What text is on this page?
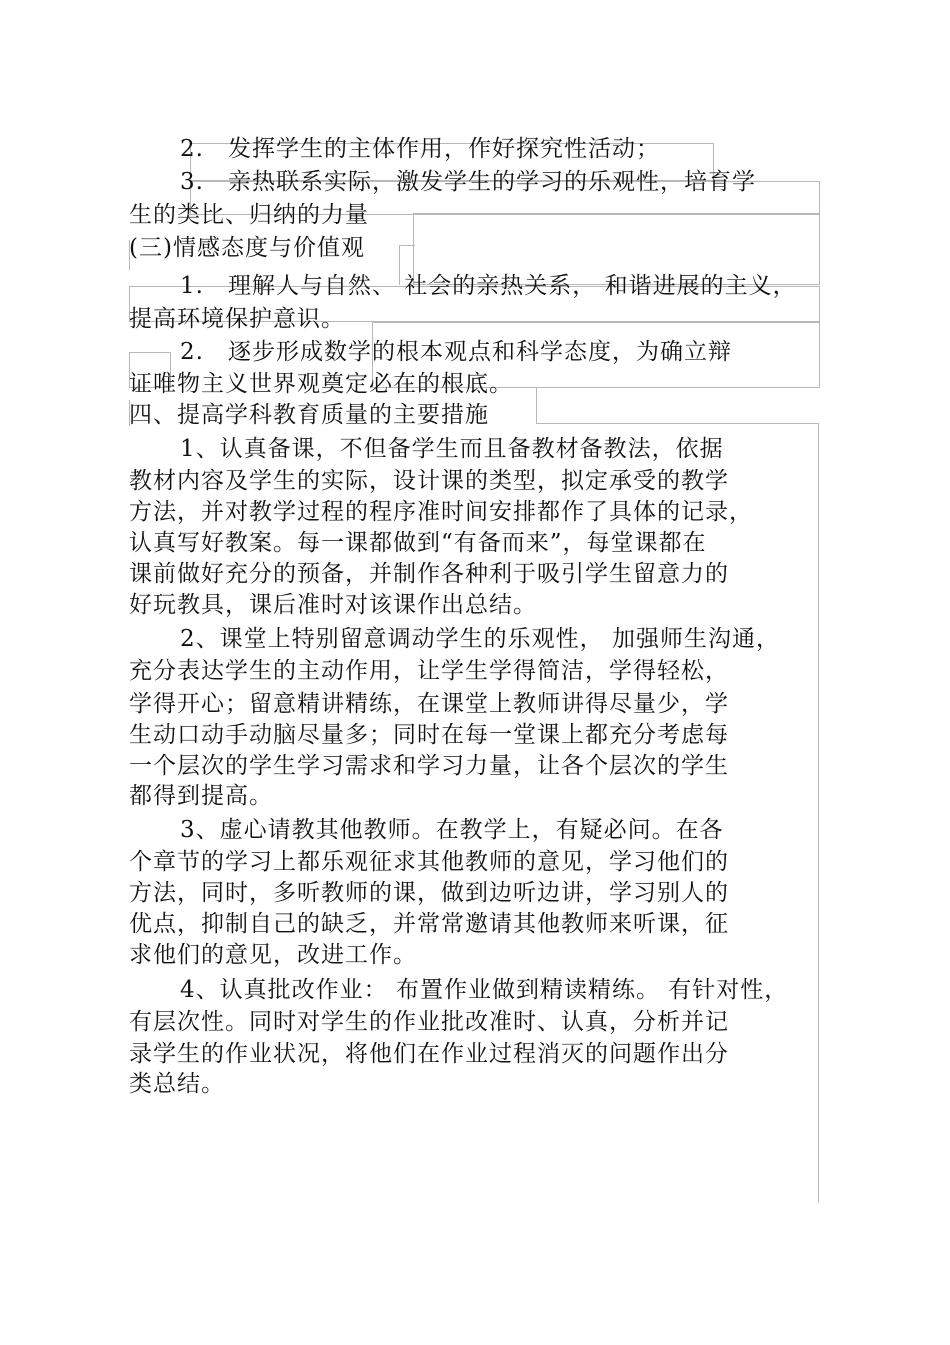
2.　发挥学生的主体作用，作好探究性活动；
3.　亲热联系实际，激发学生的学习的乐观性，培育学
生的类比、归纳的力量
(三)情感态度与价值观
1.　理解人与自然、 社会的亲热关系， 和谐进展的主义，
提高环境保护意识。
2.　逐步形成数学的根本观点和科学态度，为确立辩
证唯物主义世界观奠定必在的根底。
四、提高学科教育质量的主要措施
1、认真备课，不但备学生而且备教材备教法，依据
教材内容及学生的实际，设计课的类型，拟定承受的教学
方法，并对教学过程的程序准时间安排都作了具体的记录，
认真写好教案。每一课都做到“有备而来”，每堂课都在
课前做好充分的预备，并制作各种利于吸引学生留意力的
好玩教具，课后准时对该课作出总结。
2、课堂上特别留意调动学生的乐观性， 加强师生沟通，
充分表达学生的主动作用，让学生学得简洁，学得轻松，
学得开心；留意精讲精练，在课堂上教师讲得尽量少，学
生动口动手动脑尽量多；同时在每一堂课上都充分考虑每
一个层次的学生学习需求和学习力量，让各个层次的学生
都得到提高。
3、虚心请教其他教师。在教学上，有疑必问。在各
个章节的学习上都乐观征求其他教师的意见，学习他们的
方法，同时，多听教师的课，做到边听边讲，学习别人的
优点，抑制自己的缺乏，并常常邀请其他教师来听课，征
求他们的意见，改进工作。
4、认真批改作业： 布置作业做到精读精练。 有针对性，
有层次性。同时对学生的作业批改准时、认真，分析并记
录学生的作业状况，将他们在作业过程消灭的问题作出分
类总结。
